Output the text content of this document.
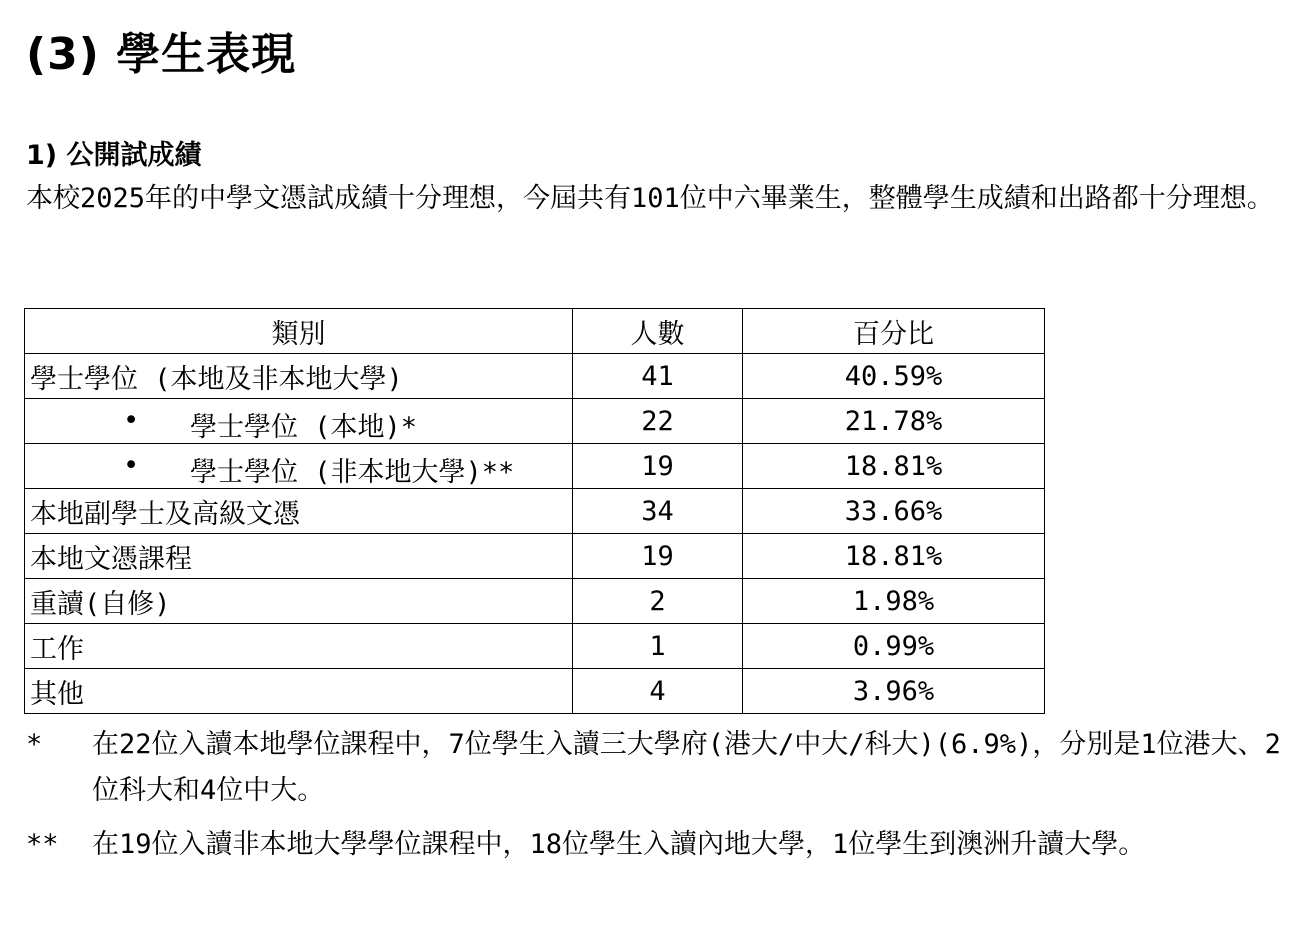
(3) 學生表現
1) 公開試成績

本校2025年的中學文憑試成績十分理想，今屆共有101位中六畢業生，整體學生成績和出路都十分理想。

類別	人數	百分比
學士學位 (本地及非本地大學)	41	40.59%

• 學士學位 (本地)*	22	21.78%

• 學士學位 (非本地大學)**	19	18.81%
本地副學士及高級文憑	34	33.66%
本地文憑課程	19	18.81%
重讀(自修)	2	1.98%
工作	1	0.99%
其他	4	3.96%
* 在22位入讀本地學位課程中，7位學生入讀三大學府(港大/中大/科大)(6.9%)，分別是1位港大、2位科大和4位中大。
** 在19位入讀非本地大學學位課程中，18位學生入讀內地大學，1位學生到澳洲升讀大學。
